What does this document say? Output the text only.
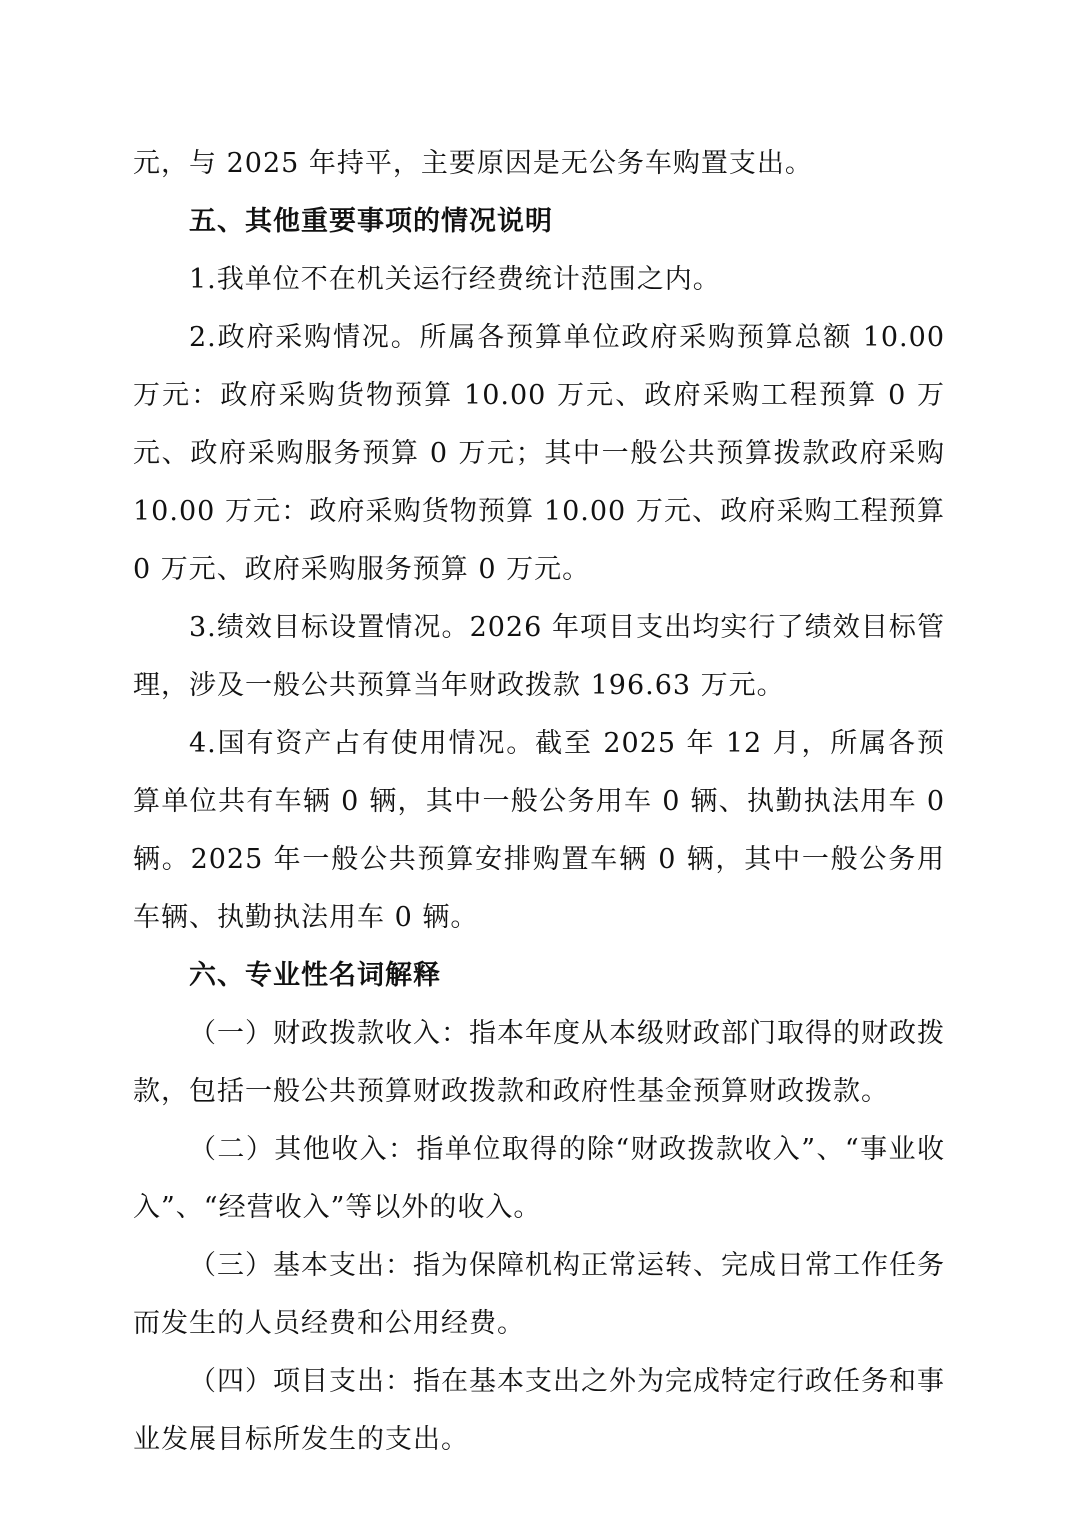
元，与 2025 年持平，主要原因是无公务车购置支出。

五、其他重要事项的情况说明

1.我单位不在机关运行经费统计范围之内。

2.政府采购情况。所属各预算单位政府采购预算总额 10.00 万元：政府采购货物预算 10.00 万元、政府采购工程预算 0 万元、政府采购服务预算 0 万元；其中一般公共预算拨款政府采购 10.00 万元：政府采购货物预算 10.00 万元、政府采购工程预算 0 万元、政府采购服务预算 0 万元。

3.绩效目标设置情况。2026 年项目支出均实行了绩效目标管理，涉及一般公共预算当年财政拨款 196.63 万元。

4.国有资产占有使用情况。截至 2025 年 12 月，所属各预算单位共有车辆 0 辆，其中一般公务用车 0 辆、执勤执法用车 0 辆。2025 年一般公共预算安排购置车辆 0 辆，其中一般公务用车辆、执勤执法用车 0 辆。

六、专业性名词解释

（一）财政拨款收入：指本年度从本级财政部门取得的财政拨款，包括一般公共预算财政拨款和政府性基金预算财政拨款。

（二）其他收入：指单位取得的除“财政拨款收入”、“事业收入”、“经营收入”等以外的收入。

（三）基本支出：指为保障机构正常运转、完成日常工作任务而发生的人员经费和公用经费。

（四）项目支出：指在基本支出之外为完成特定行政任务和事业发展目标所发生的支出。
